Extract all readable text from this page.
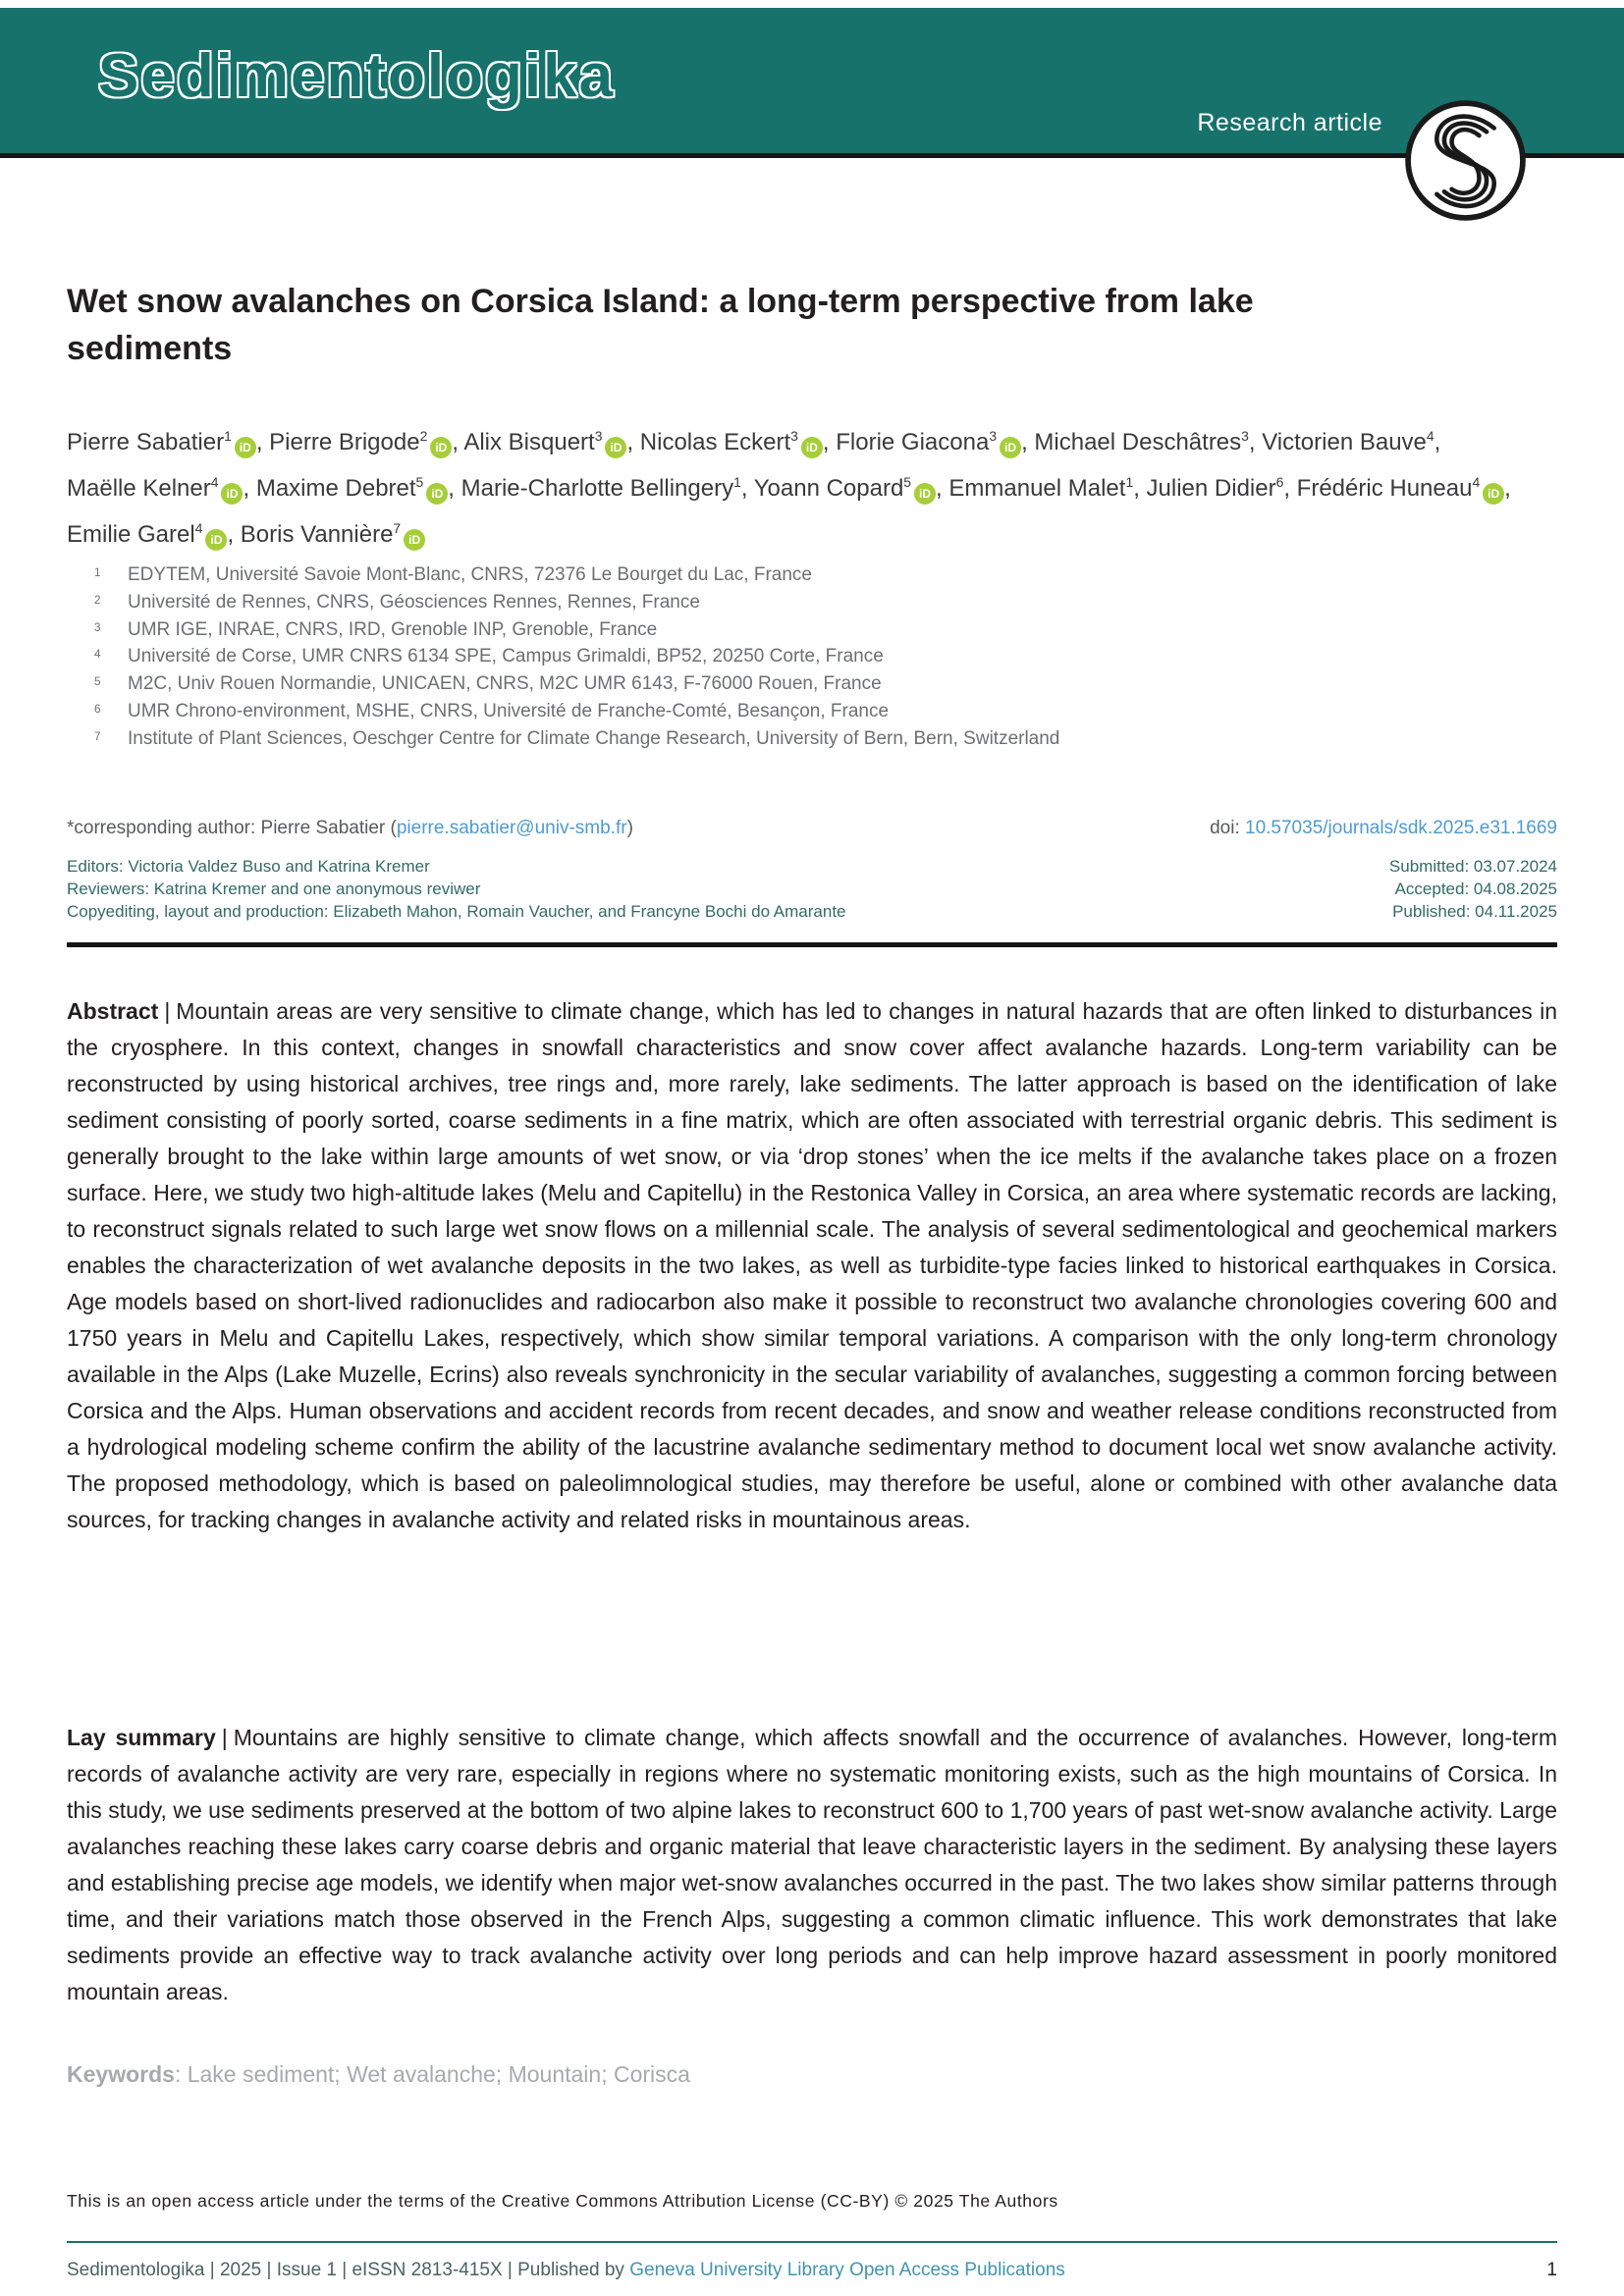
Sedimentologika
Research article
Wet snow avalanches on Corsica Island: a long-term perspective from lake sediments
Pierre Sabatier$^1$iD , Pierre Brigode$^2$iD , Alix Bisquert$^3$iD , Nicolas Eckert$^3$iD , Florie Giacona$^3$iD , Michael Deschâtres$^3$, Victorien Bauve$^4$, Maëlle Kelner$^4$iD , Maxime Debret$^5$iD , Marie-Charlotte Bellingery$^1$, Yoann Copard$^5$iD , Emmanuel Malet$^1$, Julien Didier$^6$, Frédéric Huneau$^4$iD , Emilie Garel$^4$iD , Boris Vannière$^7$iD
1	EDYTEM, Université Savoie Mont-Blanc, CNRS, 72376 Le Bourget du Lac, France
2	Université de Rennes, CNRS, Géosciences Rennes, Rennes, France
3	UMR IGE, INRAE, CNRS, IRD, Grenoble INP, Grenoble, France
4	Université de Corse, UMR CNRS 6134 SPE, Campus Grimaldi, BP52, 20250 Corte, France
5	M2C, Univ Rouen Normandie, UNICAEN, CNRS, M2C UMR 6143, F-76000 Rouen, France
6	UMR Chrono-environment, MSHE, CNRS, Université de Franche-Comté, Besançon, France
7	Institute of Plant Sciences, Oeschger Centre for Climate Change Research, University of Bern, Bern, Switzerland
*corresponding author: Pierre Sabatier (pierre.sabatier@univ-smb.fr)	doi: 10.57035/journals/sdk.2025.e31.1669
Editors: Victoria Valdez Buso and Katrina Kremer	Submitted: 03.07.2024
Reviewers: Katrina Kremer and one anonymous reviwer	Accepted: 04.08.2025
Copyediting, layout and production: Elizabeth Mahon, Romain Vaucher, and Francyne Bochi do Amarante	Published: 04.11.2025
Abstract | Mountain areas are very sensitive to climate change, which has led to changes in natural hazards that are often linked to disturbances in the cryosphere. In this context, changes in snowfall characteristics and snow cover affect avalanche hazards. Long-term variability can be reconstructed by using historical archives, tree rings and, more rarely, lake sediments. The latter approach is based on the identification of lake sediment consisting of poorly sorted, coarse sediments in a fine matrix, which are often associated with terrestrial organic debris. This sediment is generally brought to the lake within large amounts of wet snow, or via ‘drop stones’ when the ice melts if the avalanche takes place on a frozen surface. Here, we study two high-altitude lakes (Melu and Capitellu) in the Restonica Valley in Corsica, an area where systematic records are lacking, to reconstruct signals related to such large wet snow flows on a millennial scale. The analysis of several sedimentological and geochemical markers enables the characterization of wet avalanche deposits in the two lakes, as well as turbidite-type facies linked to historical earthquakes in Corsica. Age models based on short-lived radionuclides and radiocarbon also make it possible to reconstruct two avalanche chronologies covering 600 and 1750 years in Melu and Capitellu Lakes, respectively, which show similar temporal variations. A comparison with the only long-term chronology available in the Alps (Lake Muzelle, Ecrins) also reveals synchronicity in the secular variability of avalanches, suggesting a common forcing between Corsica and the Alps. Human observations and accident records from recent decades, and snow and weather release conditions reconstructed from a hydrological modeling scheme confirm the ability of the lacustrine avalanche sedimentary method to document local wet snow avalanche activity. The proposed methodology, which is based on paleolimnological studies, may therefore be useful, alone or combined with other avalanche data sources, for tracking changes in avalanche activity and related risks in mountainous areas.
Lay summary | Mountains are highly sensitive to climate change, which affects snowfall and the occurrence of avalanches. However, long-term records of avalanche activity are very rare, especially in regions where no systematic monitoring exists, such as the high mountains of Corsica. In this study, we use sediments preserved at the bottom of two alpine lakes to reconstruct 600 to 1,700 years of past wet-snow avalanche activity. Large avalanches reaching these lakes carry coarse debris and organic material that leave characteristic layers in the sediment. By analysing these layers and establishing precise age models, we identify when major wet-snow avalanches occurred in the past. The two lakes show similar patterns through time, and their variations match those observed in the French Alps, suggesting a common climatic influence. This work demonstrates that lake sediments provide an effective way to track avalanche activity over long periods and can help improve hazard assessment in poorly monitored mountain areas.
Keywords: Lake sediment; Wet avalanche; Mountain; Corisca
This is an open access article under the terms of the Creative Commons Attribution License (CC-BY) © 2025 The Authors
Sedimentologika | 2025 | Issue 1 | eISSN 2813-415X | Published by Geneva University Library Open Access Publications	1
